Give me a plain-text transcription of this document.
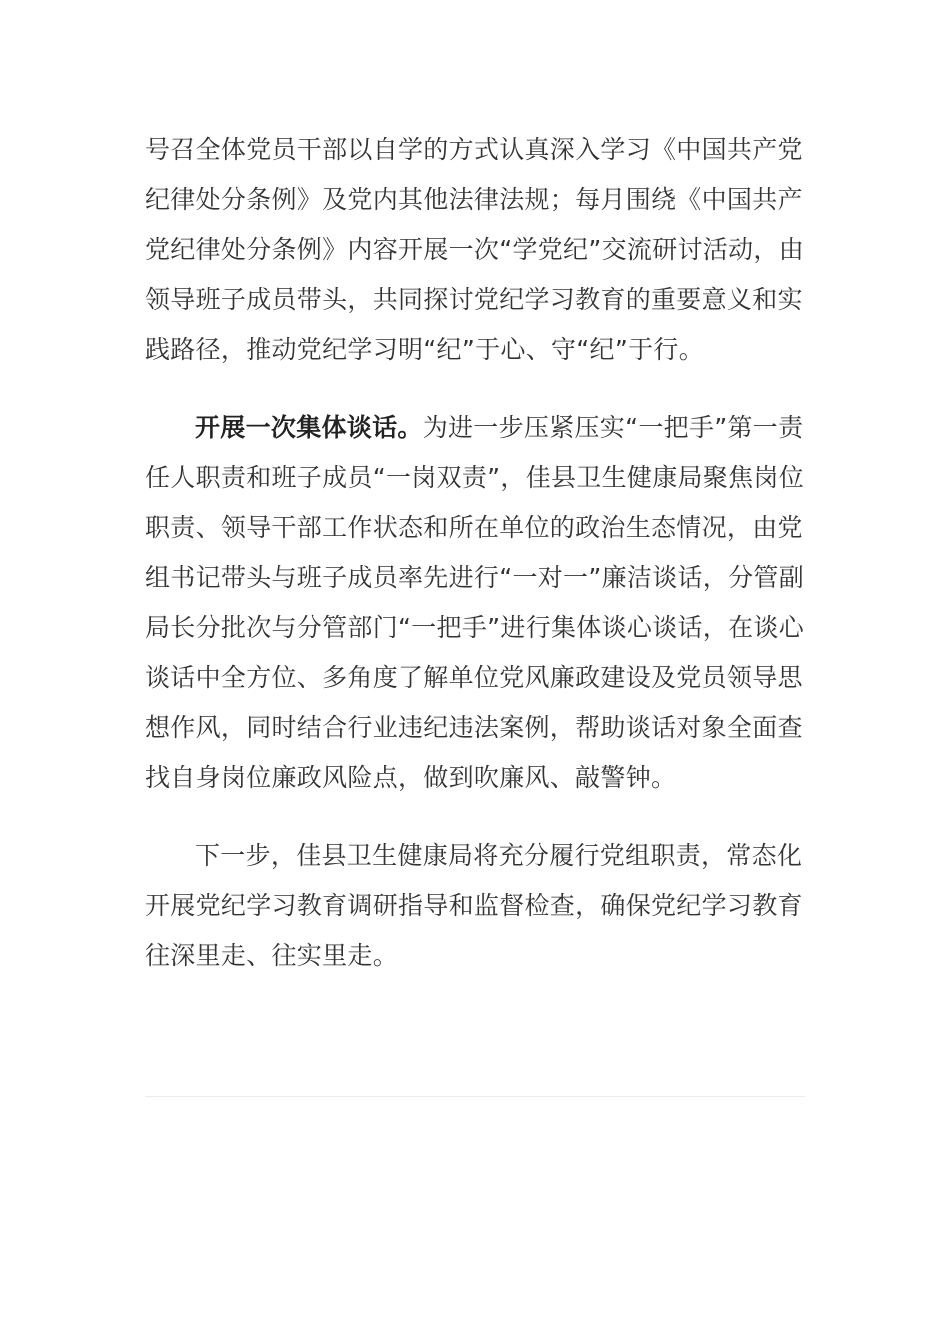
号召全体党员干部以自学的方式认真深入学习《中国共产党纪律处分条例》及党内其他法律法规；每月围绕《中国共产党纪律处分条例》内容开展一次“学党纪”交流研讨活动，由领导班子成员带头，共同探讨党纪学习教育的重要意义和实践路径，推动党纪学习明“纪”于心、守“纪”于行。

开展一次集体谈话。为进一步压紧压实“一把手”第一责任人职责和班子成员“一岗双责”，佳县卫生健康局聚焦岗位职责、领导干部工作状态和所在单位的政治生态情况，由党组书记带头与班子成员率先进行“一对一”廉洁谈话，分管副局长分批次与分管部门“一把手”进行集体谈心谈话，在谈心谈话中全方位、多角度了解单位党风廉政建设及党员领导思想作风，同时结合行业违纪违法案例，帮助谈话对象全面查找自身岗位廉政风险点，做到吹廉风、敲警钟。

下一步，佳县卫生健康局将充分履行党组职责，常态化开展党纪学习教育调研指导和监督检查，确保党纪学习教育往深里走、往实里走。
